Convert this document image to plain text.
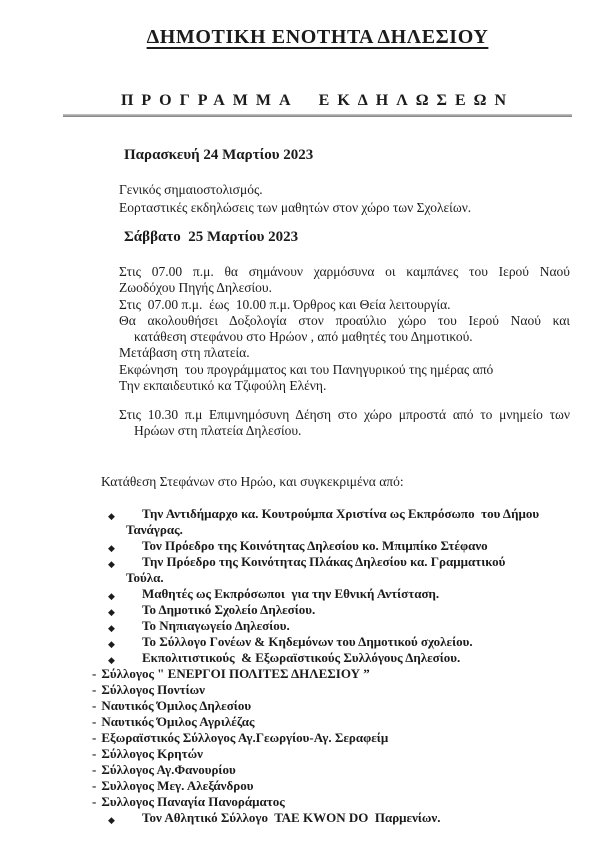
ΔΗΜΟΤΙΚΗ ΕΝΟΤΗΤΑ ΔΗΛΕΣΙΟΥ
ΠΡΟΓΡΑΜΜΑ ΕΚΔΗΛΩΣΕΩΝ
Παρασκευή 24 Μαρτίου 2023
Γενικός σημαιοστολισμός.
Εορταστικές εκδηλώσεις των μαθητών στον χώρο των Σχολείων.
Σάββατο  25 Μαρτίου 2023
Στις 07.00 π.μ. θα σημάνουν χαρμόσυνα οι καμπάνες του Ιερού Ναού
Ζωοδόχου Πηγής Δηλεσίου.
Στις  07.00 π.μ.  έως  10.00 π.μ. Όρθρος και Θεία λειτουργία.
Θα ακολουθήσει Δοξολογία στον προαύλιο χώρο του Ιερού Ναού και
κατάθεση στεφάνου στο Ηρώον , από μαθητές του Δημοτικού.
Μετάβαση στη πλατεία.
Εκφώνηση  του προγράμματος και του Πανηγυρικού της ημέρας από
Την εκπαιδευτικό κα Τζιφούλη Ελένη.
Στις 10.30 π.μ Επιμνημόσυνη Δέηση στο χώρο μπροστά από το μνημείο των
Ηρώων στη πλατεία Δηλεσίου.
Κατάθεση Στεφάνων στο Ηρώο, και συγκεκριμένα από:
◆ Την Αντιδήμαρχο κα. Κουτρούμπα Χριστίνα ως Εκπρόσωπο  του Δήμου
Τανάγρας.
◆ Τον Πρόεδρο της Κοινότητας Δηλεσίου κο. Μπιμπίκο Στέφανο
◆ Την Πρόεδρο της Κοινότητας Πλάκας Δηλεσίου κα. Γραμματικού
Τούλα.
◆ Μαθητές ως Εκπρόσωποι  για την Εθνική Αντίσταση.
◆ Το Δημοτικό Σχολείο Δηλεσίου.
◆ Το Νηπιαγωγείο Δηλεσίου.
◆ Το Σύλλογο Γονέων & Κηδεμόνων του Δημοτικού σχολείου.
◆ Εκπολιτιστικούς  & Εξωραϊστικούς Συλλόγους Δηλεσίου.
- Σύλλογος " ΕΝΕΡΓΟΙ ΠΟΛΙΤΕΣ ΔΗΛΕΣΙΟΥ ”
- Σύλλογος Ποντίων
- Ναυτικός Όμιλος Δηλεσίου
- Ναυτικός Όμιλος Αγριλέζας
- Εξωραϊστικός Σύλλογος Αγ.Γεωργίου-Αγ. Σεραφείμ
- Σύλλογος Κρητών
- Σύλλογος Αγ.Φανουρίου
- Συλλογος Μεγ. Αλεξάνδρου
- Συλλογος Παναγία Πανοράματος
◆ Τον Αθλητικό Σύλλογο  ΤΑΕ KWON DO  Παρμενίων.
